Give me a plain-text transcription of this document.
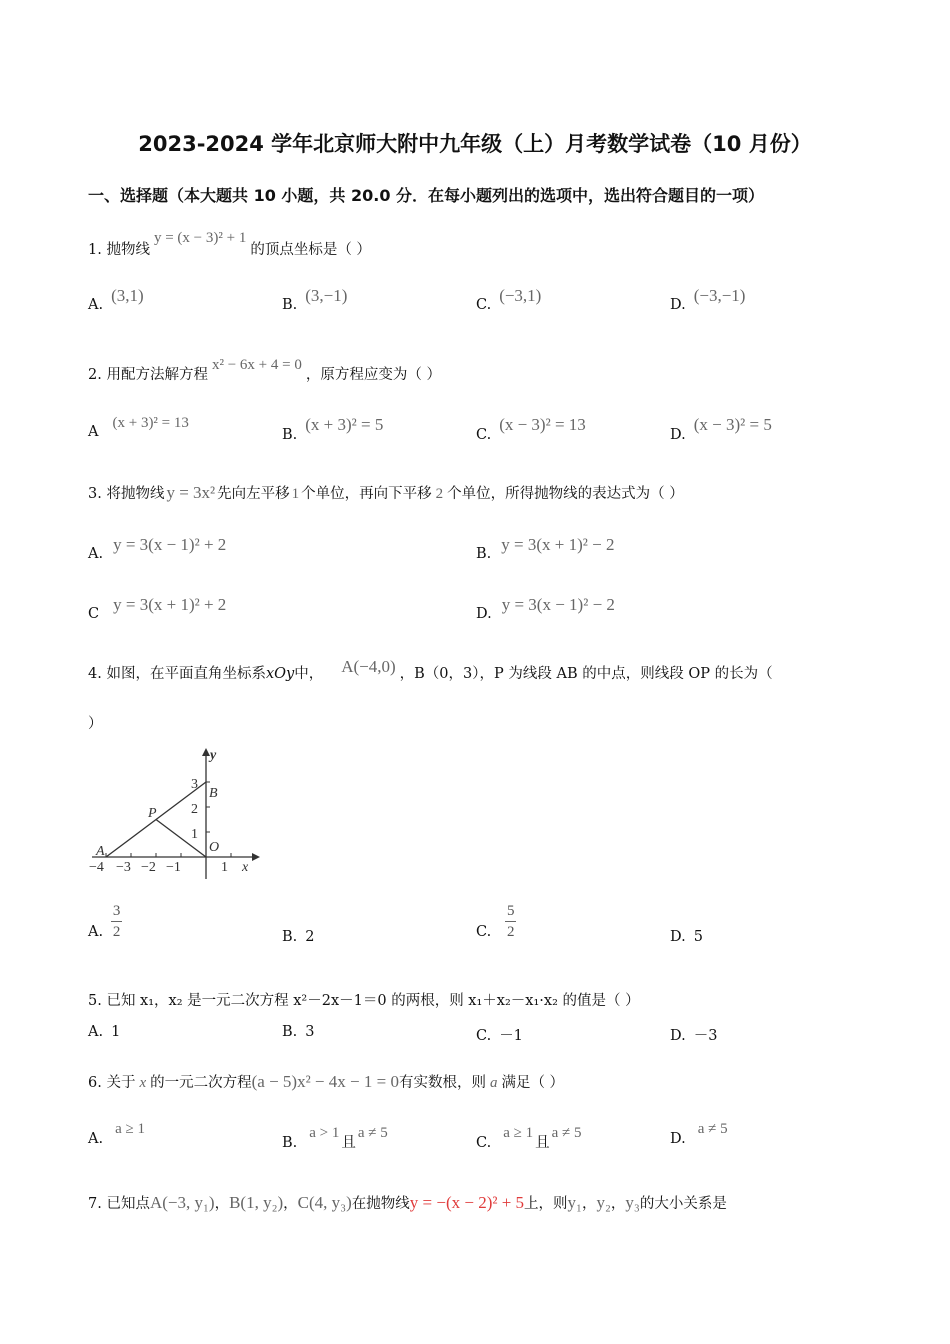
2023-2024 学年北京师大附中九年级（上）月考数学试卷（10 月份）
一、选择题（本大题共 10 小题，共 20.0 分．在每小题列出的选项中，选出符合题目的一项）
1. 抛物线y = (x − 3)² + 1的顶点坐标是（ ）
A. (3,1)	B. (3,−1)	C. (−3,1)	D. (−3,−1)
2. 用配方法解方程x² − 6x + 4 = 0，原方程应变为（ ）
A(x + 3)² = 13
B.(x + 3)² = 5
C.(x − 3)² = 13
D.(x − 3)² = 5
3. 将抛物线 y = 3x² 先向左平移 1 个单位，再向下平移 2 个单位，所得抛物线的表达式为（ ）
A. y = 3(x − 1)² + 2	B. y = 3(x + 1)² − 2
C y = 3(x + 1)² + 2	D. y = 3(x − 1)² − 2
4. 如图，在平面直角坐标系xOy中， A(−4,0) ，B（0，3），P 为线段 AB 的中点，则线段 OP 的长为（
）
y
x
−4 −3 −2 −1	1
1
2
3
A
B
P
O
A. $\frac{3}{2}$	B. 2	C. $\frac{5}{2}$	D. 5
5. 已知 x₁，x₂ 是一元二次方程 x²－2x－1＝0 的两根，则 x₁＋x₂－x₁·x₂ 的值是（ ）
A. 1	B. 3	C. －1	D. －3
6. 关于 x 的一元二次方程(a − 5)x² − 4x − 1 = 0有实数根，则 a 满足（ ）
A.a ≥ 1
B.a > 1且a ≠ 5
C.a ≥ 1且a ≠ 5	D.a ≠ 5
7. 已知点A(−3, y₁)，B(1, y₂)，C(4, y₃)在抛物线y = −(x − 2)² + 5上，则y₁，y₂，y₃的大小关系是
